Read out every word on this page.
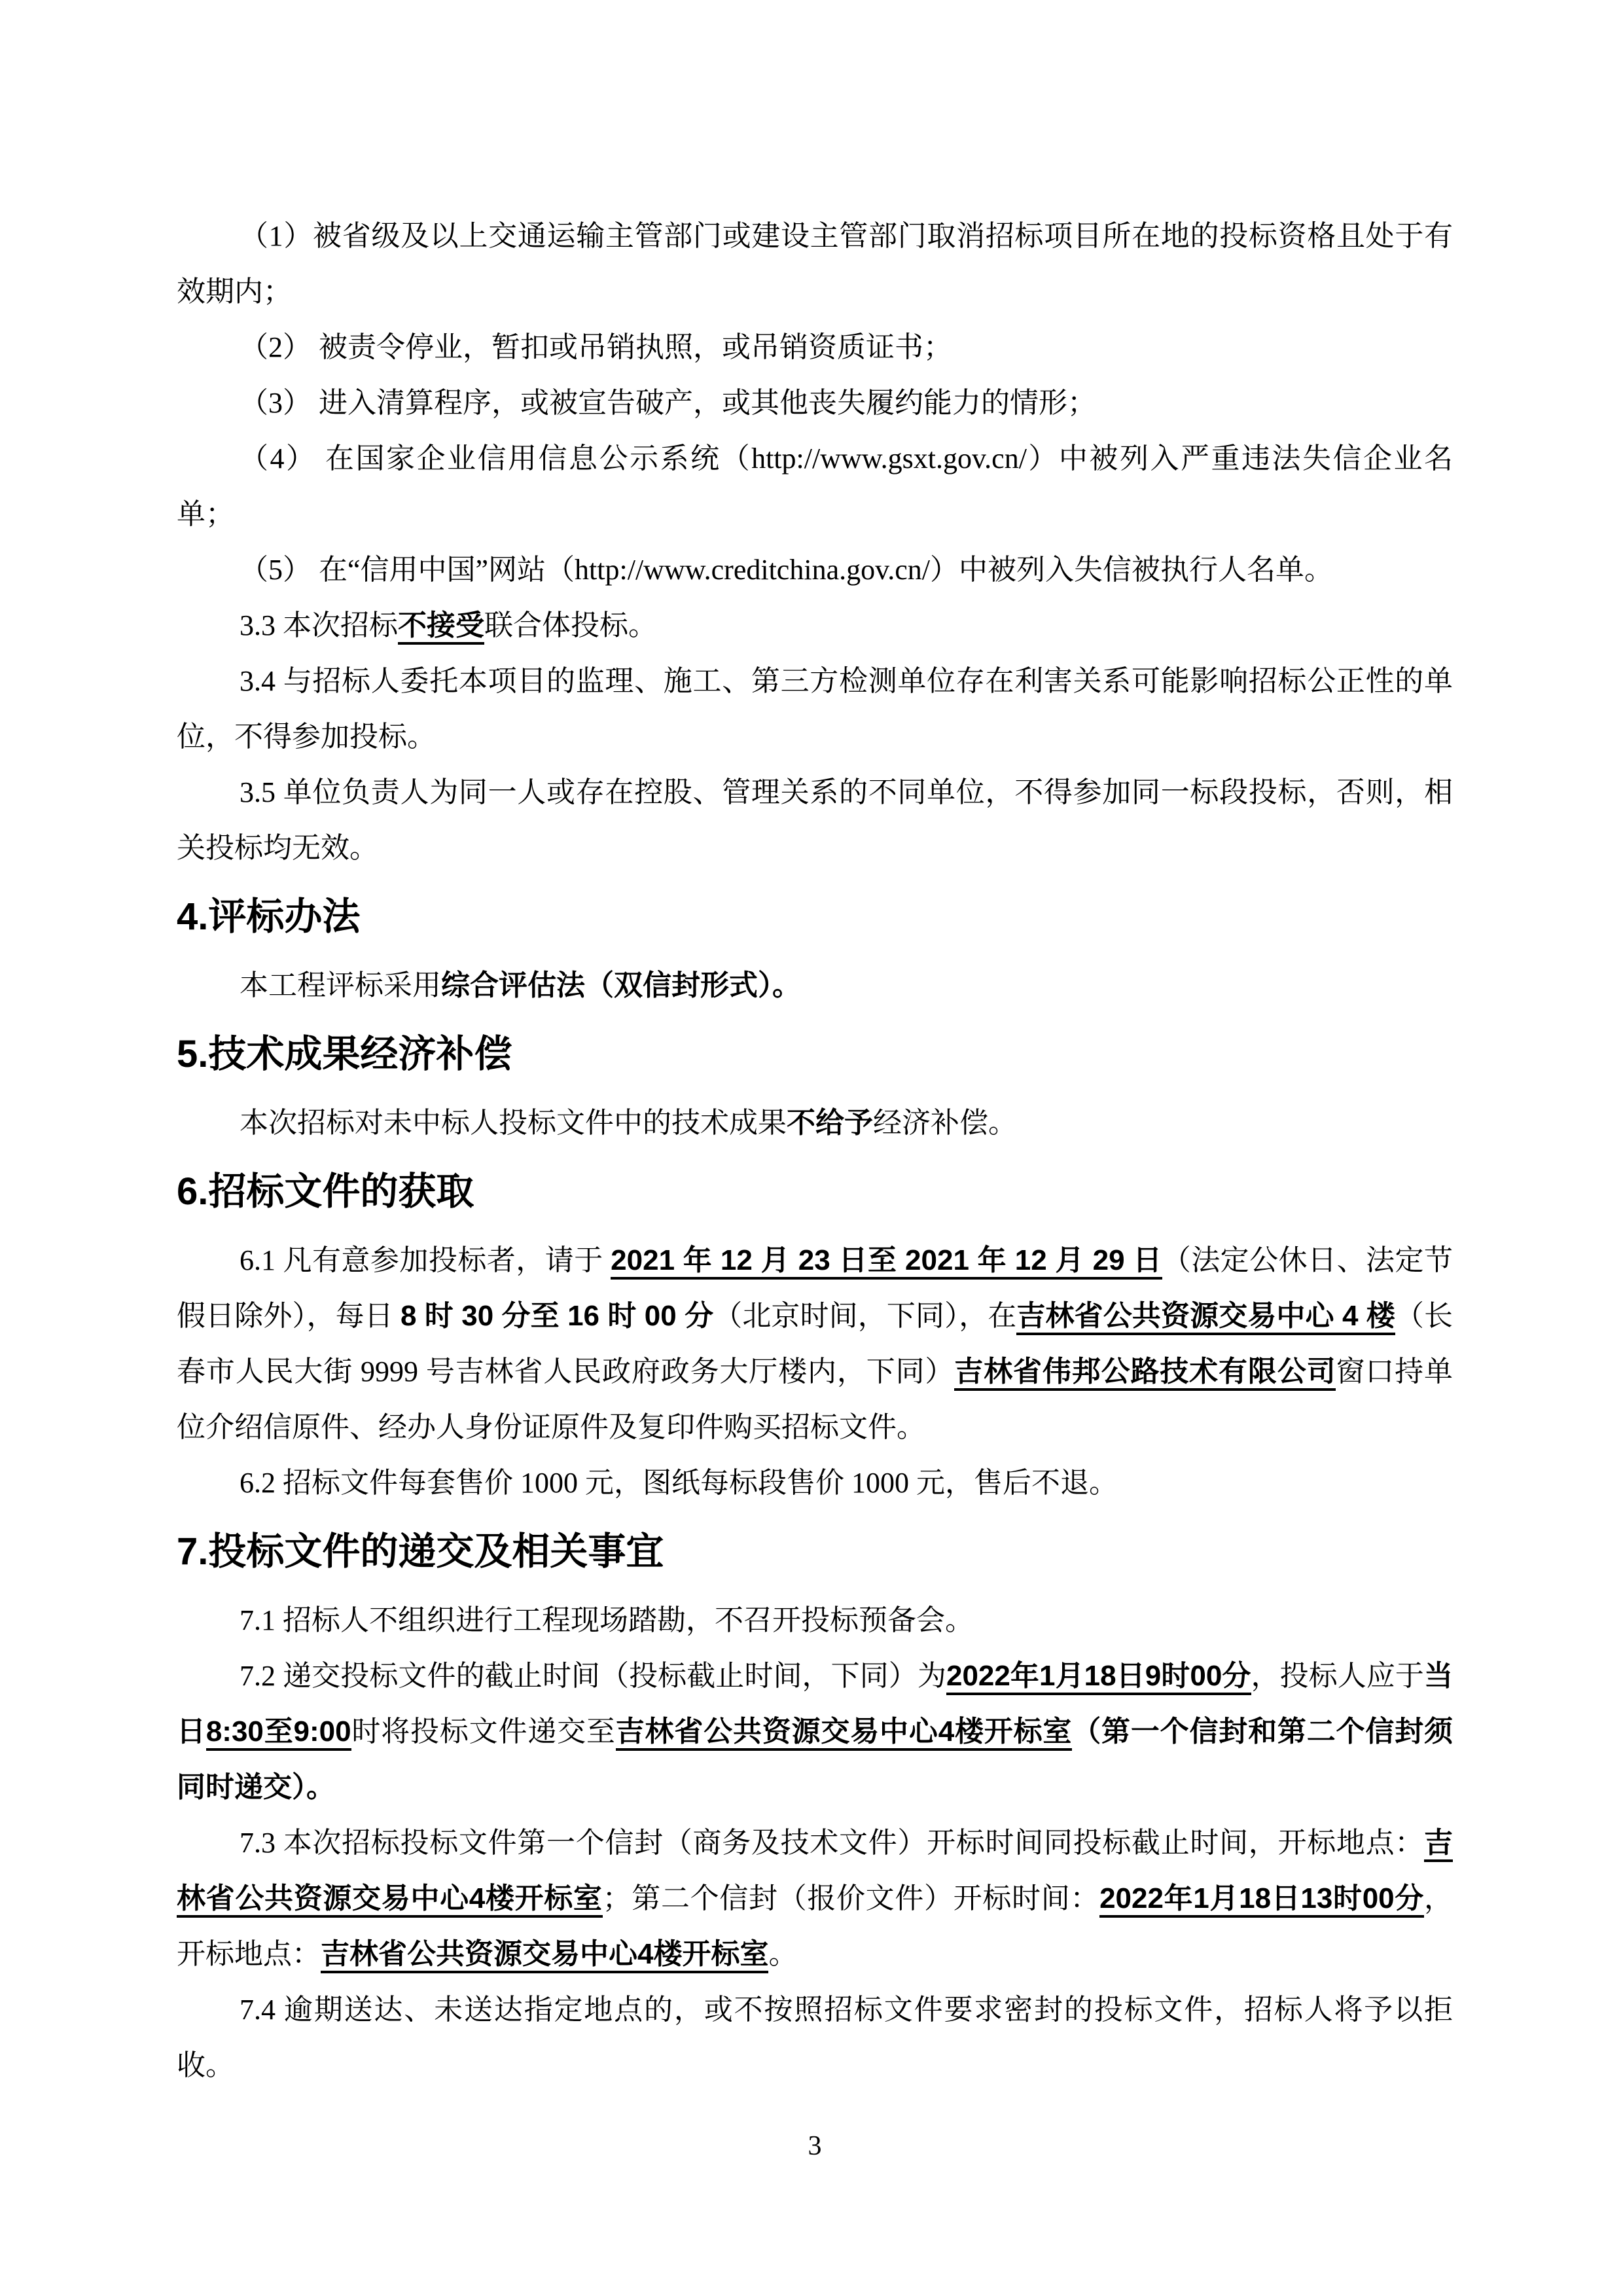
（1）被省级及以上交通运输主管部门或建设主管部门取消招标项目所在地的投标资格且处于有效期内；

（2） 被责令停业，暂扣或吊销执照，或吊销资质证书；

（3） 进入清算程序，或被宣告破产，或其他丧失履约能力的情形；

（4） 在国家企业信用信息公示系统（http://www.gsxt.gov.cn/）中被列入严重违法失信企业名单；

（5） 在“信用中国”网站（http://www.creditchina.gov.cn/）中被列入失信被执行人名单。

3.3 本次招标不接受联合体投标。

3.4 与招标人委托本项目的监理、施工、第三方检测单位存在利害关系可能影响招标公正性的单位，不得参加投标。

3.5 单位负责人为同一人或存在控股、管理关系的不同单位，不得参加同一标段投标，否则，相关投标均无效。

4.评标办法

本工程评标采用综合评估法（双信封形式）。

5.技术成果经济补偿

本次招标对未中标人投标文件中的技术成果不给予经济补偿。

6.招标文件的获取

6.1 凡有意参加投标者，请于 2021 年 12 月 23 日至 2021 年 12 月 29 日（法定公休日、法定节假日除外），每日 8 时 30 分至 16 时 00 分（北京时间，下同），在吉林省公共资源交易中心 4 楼（长春市人民大街 9999 号吉林省人民政府政务大厅楼内，下同）吉林省伟邦公路技术有限公司窗口持单位介绍信原件、经办人身份证原件及复印件购买招标文件。

6.2 招标文件每套售价 1000 元，图纸每标段售价 1000 元，售后不退。

7.投标文件的递交及相关事宜

7.1 招标人不组织进行工程现场踏勘，不召开投标预备会。

7.2 递交投标文件的截止时间（投标截止时间，下同）为2022年1月18日9时00分，投标人应于当日8:30至9:00时将投标文件递交至吉林省公共资源交易中心4楼开标室（第一个信封和第二个信封须同时递交）。

7.3 本次招标投标文件第一个信封（商务及技术文件）开标时间同投标截止时间，开标地点：吉林省公共资源交易中心4楼开标室；第二个信封（报价文件）开标时间：2022年1月18日13时00分，开标地点：吉林省公共资源交易中心4楼开标室。

7.4 逾期送达、未送达指定地点的，或不按照招标文件要求密封的投标文件，招标人将予以拒收。

3
